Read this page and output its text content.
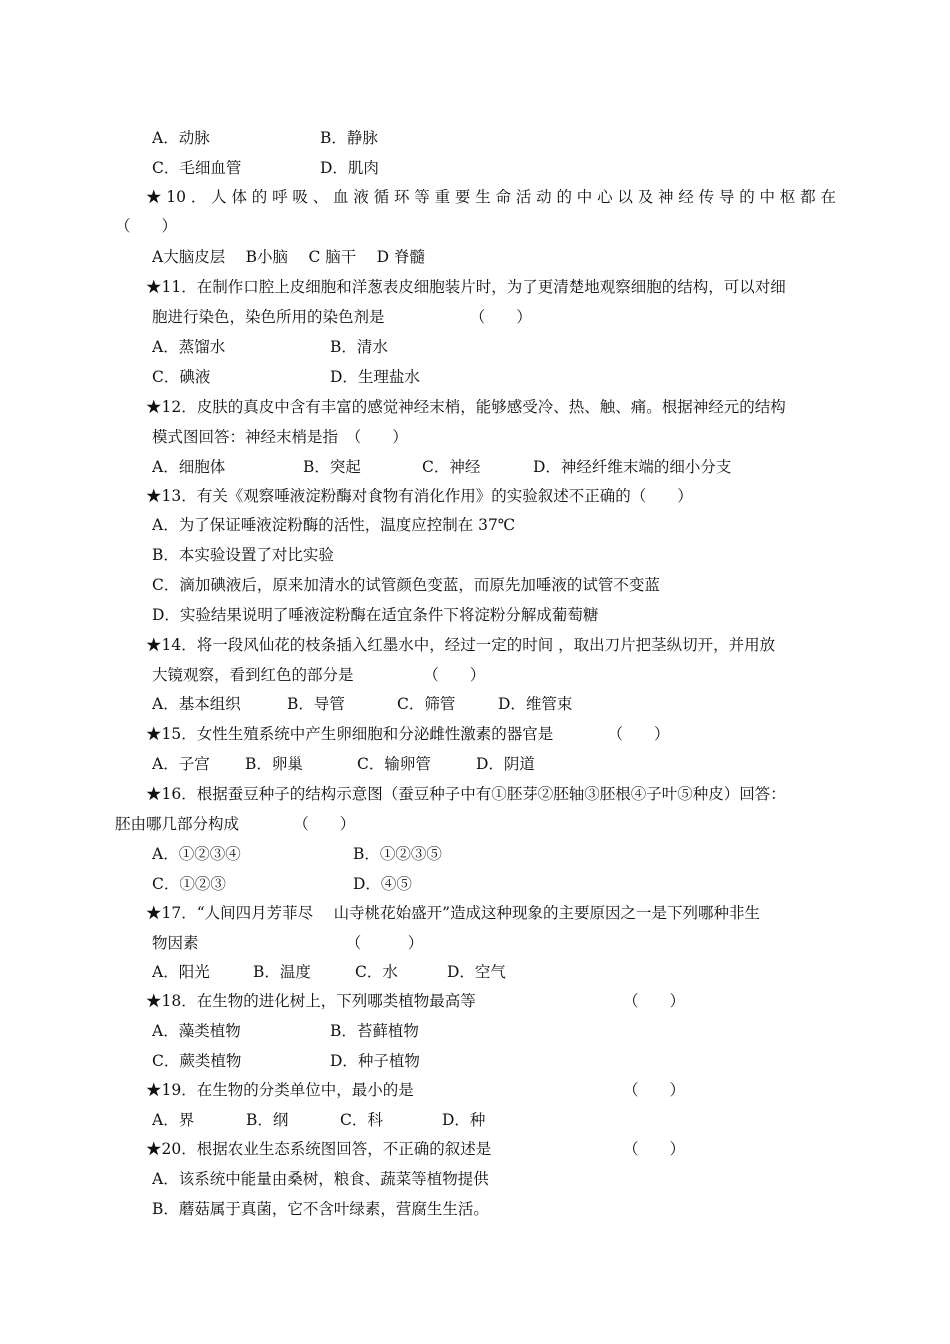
A．动脉	B．静脉
C．毛细血管	D．肌肉
★10．人体的呼吸、血液循环等重要生命活动的中心以及神经传导的中枢都在
（　　）
A大脑皮层　 B小脑　 C 脑干　 D 脊髓
★11．在制作口腔上皮细胞和洋葱表皮细胞装片时，为了更清楚地观察细胞的结构，可以对细
胞进行染色，染色所用的染色剂是　　　　　　（　　）
A．蒸馏水	B．清水
C．碘液	D．生理盐水
★12．皮肤的真皮中含有丰富的感觉神经末梢，能够感受冷、热、触、痛。根据神经元的结构
模式图回答：神经末梢是指　（　　）
A．细胞体	B．突起	C．神经	D．神经纤维末端的细小分支
★13．有关《观察唾液淀粉酶对食物有消化作用》的实验叙述不正确的（　　）
A．为了保证唾液淀粉酶的活性，温度应控制在 37℃
B．本实验设置了对比实验
C．滴加碘液后，原来加清水的试管颜色变蓝，而原先加唾液的试管不变蓝
D．实验结果说明了唾液淀粉酶在适宜条件下将淀粉分解成葡萄糖
★14．将一段风仙花的枝条插入红墨水中，经过一定的时间 ，取出刀片把茎纵切开，并用放
大镜观察，看到红色的部分是　　　　　（　　）
A．基本组织	B．导管	C．筛管	D．维管束
★15．女性生殖系统中产生卵细胞和分泌雌性激素的器官是　　　　（　　）
A．子宫 B．卵巢	C．输卵管	D．阴道
★16．根据蚕豆种子的结构示意图（蚕豆种子中有①胚芽②胚轴③胚根④子叶⑤种皮）回答：
胚由哪几部分构成　　　　（　　）
A．①②③④	B．①②③⑤
C．①②③	D．④⑤
★17．“人间四月芳菲尽　 山寺桃花始盛开”造成这种现象的主要原因之一是下列哪种非生
物因素　　　　　　　　　　（　　　）
A．阳光	B．温度	C．水	D．空气
★18．在生物的进化树上，下列哪类植物最高等　　　　　　　　　　（　　）
A．藻类植物	B．苔藓植物
C．蕨类植物	D．种子植物
★19．在生物的分类单位中，最小的是　　　　　　　　　　　　　　（　　）
A．界	B．纲	C．科	D．种
★20．根据农业生态系统图回答，不正确的叙述是　　　　　　　　　（　　）
A．该系统中能量由桑树，粮食、蔬菜等植物提供
B．蘑菇属于真菌，它不含叶绿素，营腐生生活。
